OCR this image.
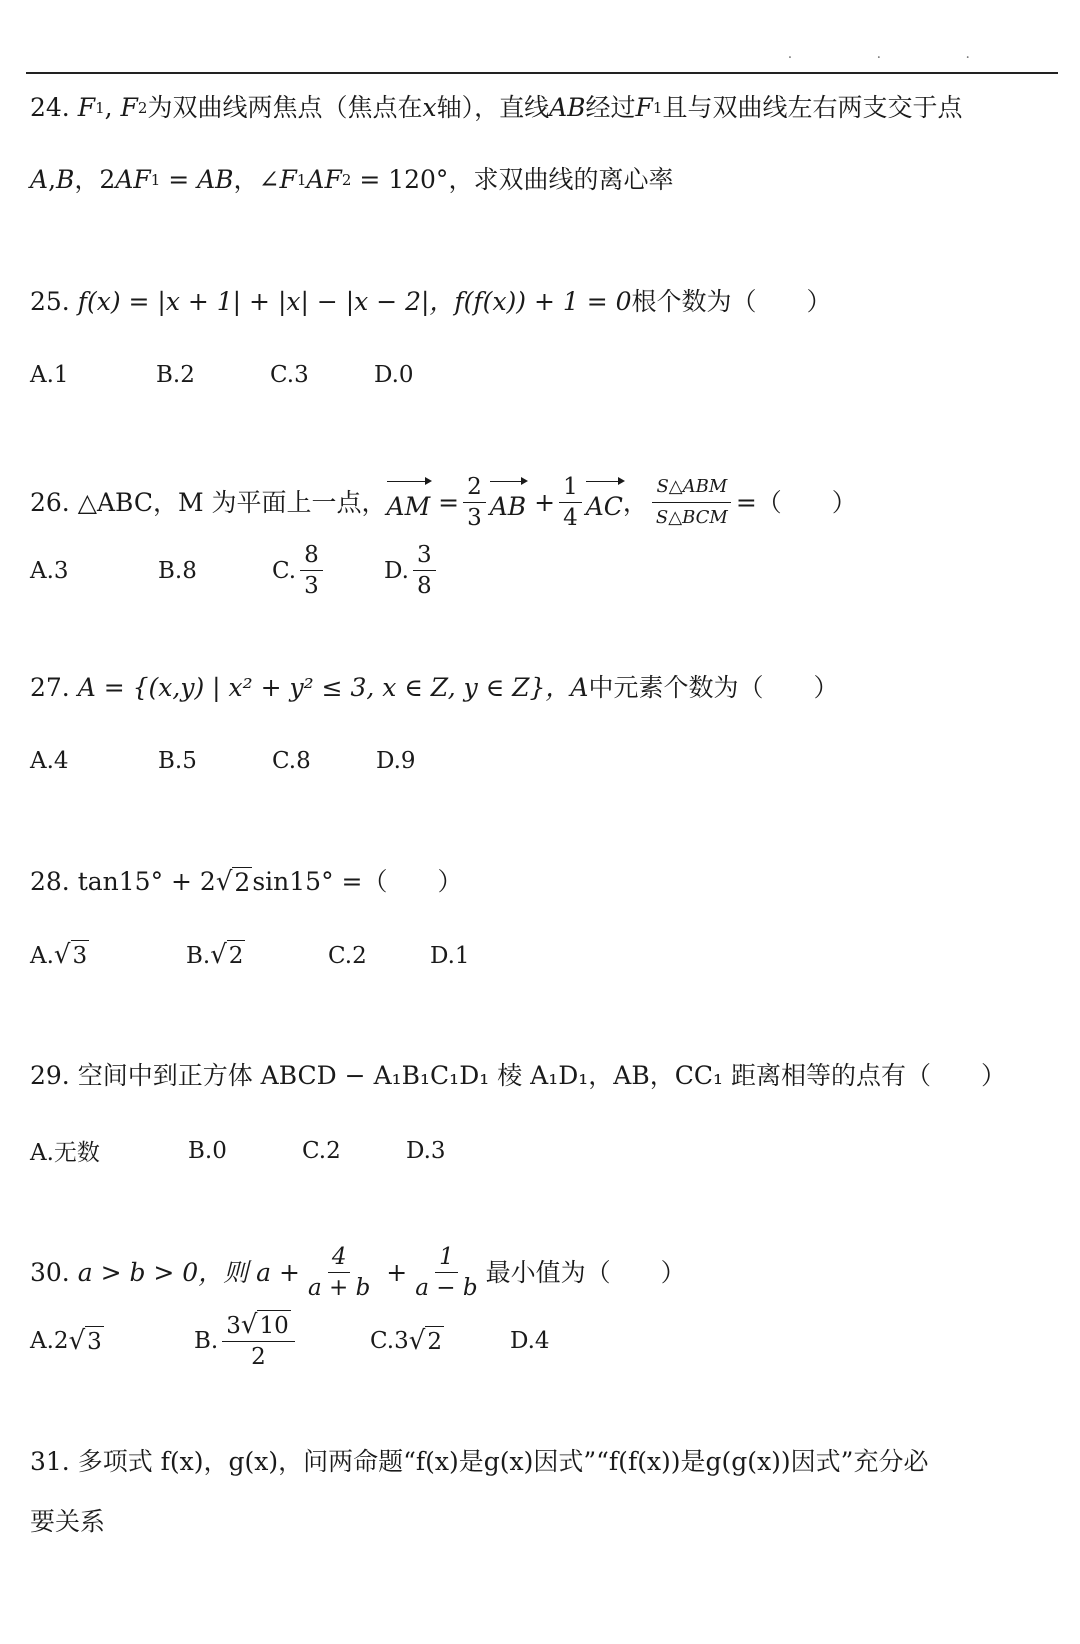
· · ·
24.
F 1 , F 2 为双曲线两焦点（焦点在 x 轴），直线 AB 经过 F 1 且与双曲线左右两支交于点
A , B ， 2 AF 1 = AB ， ∠ F 1 AF 2 = 120° ，求双曲线的离心率
25.
f(x) = |x + 1| + |x| − |x − 2|，f(f(x)) + 1 = 0 根个数为（　　）
A.1	B.2	C.3	D.0
26.
△ABC，M 为平面上一点， AM = $\frac{2}{3}$ AB + $\frac{1}{4}$ AC ， $\frac{\text{S△ABM}}{\text{S△BCM}}$ =（　　）
A.3	B.8	C. $\frac{8}{3}$	D. $\frac{3}{8}$
27.
A = {(x,y) | x² + y² ≤ 3, x ∈ Z, y ∈ Z}，A 中元素个数为（　　）
A.4	B.5	C.8	D.9
28.
tan15° + 2 √ 2 sin15° = （　　）
A. √ 3	B. √ 2	C.2	D.1
29.
空间中到正方体 ABCD − A₁B₁C₁D₁ 棱 A₁D₁，AB，CC₁ 距离相等的点有（　　）
A.无数	B.0	C.2	D.3
30.
a > b > 0，则 $a + \frac{4}{a + b} + \frac{1}{a - b}$ 最小值为（　　）
A.2 √ 3	B. $\frac{3 √ 10}{2}$	C.3 √ 2	D.4
31. 多项式 f(x)，g(x)，问两命题“f(x)是g(x)因式”“f(f(x))是g(g(x))因式”充分必
要关系
